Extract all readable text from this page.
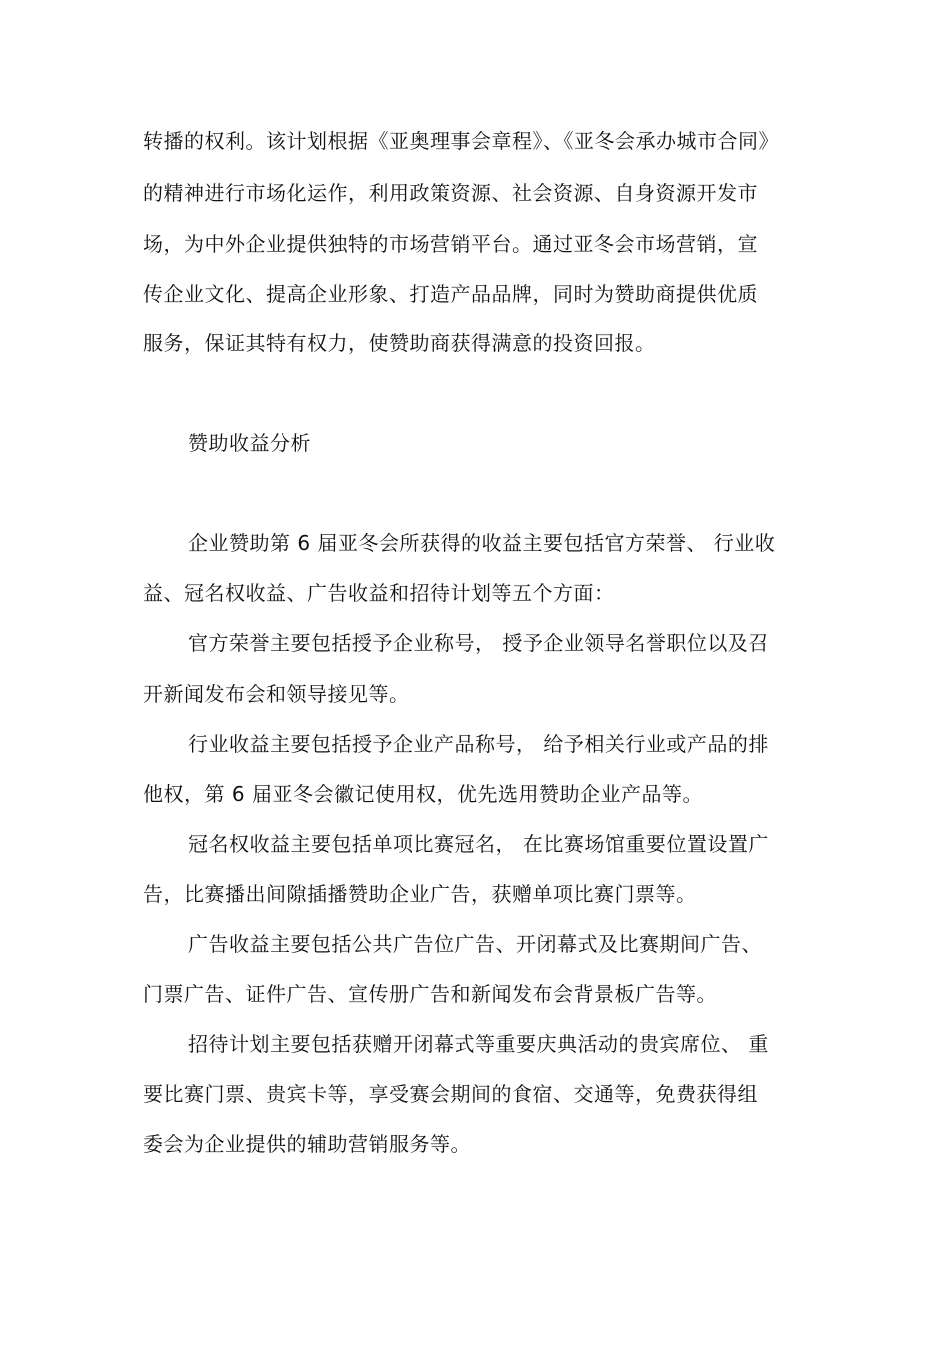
转播的权利。该计划根据《亚奥理事会章程》、《亚冬会承办城市合同》
的精神进行市场化运作，利用政策资源、社会资源、自身资源开发市
场，为中外企业提供独特的市场营销平台。通过亚冬会市场营销，宣
传企业文化、提高企业形象、打造产品品牌，同时为赞助商提供优质
服务，保证其特有权力，使赞助商获得满意的投资回报。
赞助收益分析
企业赞助第 6 届亚冬会所获得的收益主要包括官方荣誉、 行业收
益、冠名权收益、广告收益和招待计划等五个方面：
官方荣誉主要包括授予企业称号， 授予企业领导名誉职位以及召
开新闻发布会和领导接见等。
行业收益主要包括授予企业产品称号， 给予相关行业或产品的排
他权，第 6 届亚冬会徽记使用权，优先选用赞助企业产品等。
冠名权收益主要包括单项比赛冠名， 在比赛场馆重要位置设置广
告，比赛播出间隙插播赞助企业广告，获赠单项比赛门票等。
广告收益主要包括公共广告位广告、开闭幕式及比赛期间广告、
门票广告、证件广告、宣传册广告和新闻发布会背景板广告等。
招待计划主要包括获赠开闭幕式等重要庆典活动的贵宾席位、 重
要比赛门票、贵宾卡等，享受赛会期间的食宿、交通等，免费获得组
委会为企业提供的辅助营销服务等。
